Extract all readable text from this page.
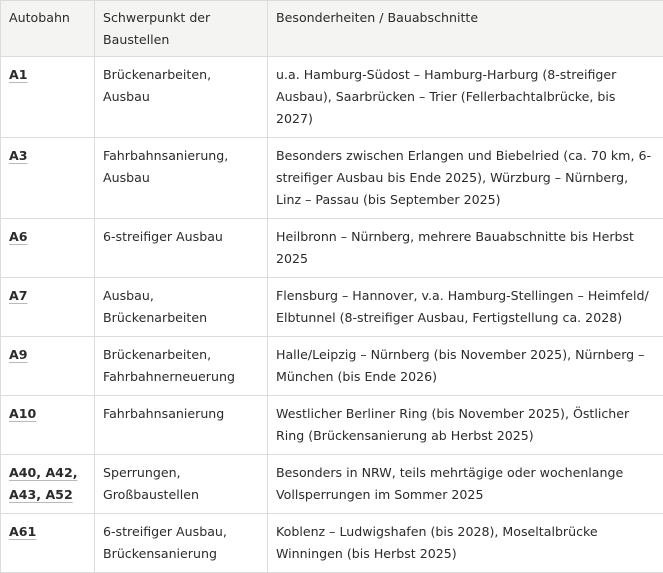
Autobahn	Schwerpunkt der Baustellen	Besonderheiten / Bauabschnitte
A1	Brückenarbeiten, Ausbau	u.a. Hamburg-Südost – Hamburg-Harburg (8-streifiger Ausbau), Saarbrücken – Trier (Fellerbachtalbrücke, bis 2027)
A3	Fahrbahnsanierung, Ausbau	Besonders zwischen Erlangen und Biebelried (ca. 70 km, 6-streifiger Ausbau bis Ende 2025), Würzburg – Nürnberg, Linz – Passau (bis September 2025)
A6	6-streifiger Ausbau	Heilbronn – Nürnberg, mehrere Bauabschnitte bis Herbst 2025
A7	Ausbau, Brückenarbeiten	Flensburg – Hannover, v.a. Hamburg-Stellingen – Heimfeld/ Elbtunnel (8-streifiger Ausbau, Fertigstellung ca. 2028)
A9	Brückenarbeiten, Fahrbahnerneuerung	Halle/Leipzig – Nürnberg (bis November 2025), Nürnberg – München (bis Ende 2026)
A10	Fahrbahnsanierung	Westlicher Berliner Ring (bis November 2025), Östlicher Ring (Brückensanierung ab Herbst 2025)
A40, A42, A43, A52	Sperrungen, Großbaustellen	Besonders in NRW, teils mehrtägige oder wochenlange Vollsperrungen im Sommer 2025
A61	6-streifiger Ausbau, Brückensanierung	Koblenz – Ludwigshafen (bis 2028), Moseltalbrücke Winningen (bis Herbst 2025)
